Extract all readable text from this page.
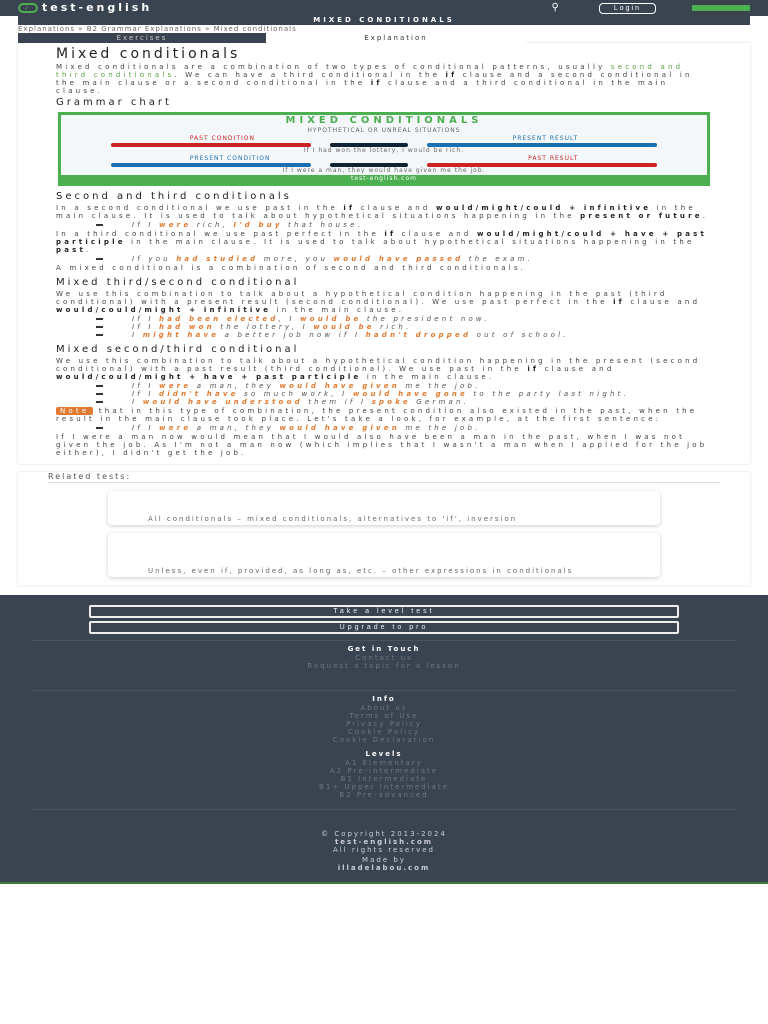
✓ test-english	⚲	Login
MIXED CONDITIONALS
Explanations » B2 Grammar Explanations » Mixed conditionals
Exercises	Explanation
Mixed conditionals

Mixed conditionals are a combination of two types of conditional patterns, usually second and third conditionals. We can have a third conditional in the if clause and a second conditional in the main clause or a second conditional in the if clause and a third conditional in the main clause.

Grammar chart
MIXED CONDITIONALS
HYPOTHETICAL OR UNREAL SITUATIONS
PAST CONDITION	PRESENT RESULT
If I had won the lottery, I would be rich.
PRESENT CONDITION	PAST RESULT
If I were a man, they would have given me the job.
test-english.com
Second and third conditionals

In a second conditional we use past in the if clause and would/might/could + infinitive in the main clause. It is used to talk about hypothetical situations happening in the present or future.

If I were rich, I'd buy that house.

In a third conditional we use past perfect in the if clause and would/might/could + have + past participle in the main clause. It is used to talk about hypothetical situations happening in the past.

If you had studied more, you would have passed the exam.

A mixed conditional is a combination of second and third conditionals.

Mixed third/second conditional

We use this combination to talk about a hypothetical condition happening in the past (third conditional) with a present result (second conditional). We use past perfect in the if clause and would/could/might + infinitive in the main clause.

If I had been elected, I would be the president now.
If I had won the lottery, I would be rich.
I might have a better job now if I hadn't dropped out of school.
Mixed second/third conditional

We use this combination to talk about a hypothetical condition happening in the present (second conditional) with a past result (third conditional). We use past in the if clause and would/could/might + have + past participle in the main clause.

If I were a man, they would have given me the job.
If I didn't have so much work, I would have gone to the party last night.
I would have understood them if I spoke German.

Note that in this type of combination, the present condition also existed in the past, when the result in the main clause took place. Let's take a look, for example, at the first sentence:

If I were a man, they would have given me the job.

If I were a man now would mean that I would also have been a man in the past, when I was not given the job. As I'm not a man now (which implies that I wasn't a man when I applied for the job either), I didn't get the job.

Related tests:
All conditionals – mixed conditionals, alternatives to 'if', inversion
Unless, even if, provided, as long as, etc. – other expressions in conditionals
Take a level test
Upgrade to pro
Get in Touch
Contact us
Request a topic for a lesson
Info
About us
Terms of Use
Privacy Policy
Cookie Policy
Cookie Declaration
Levels
A1 Elementary
A2 Pre-intermediate
B1 Intermediate
B1+ Upper Intermediate
B2 Pre-advanced
© Copyright 2013-2024
test-english.com
All rights reserved
Made by
illadelabou.com
